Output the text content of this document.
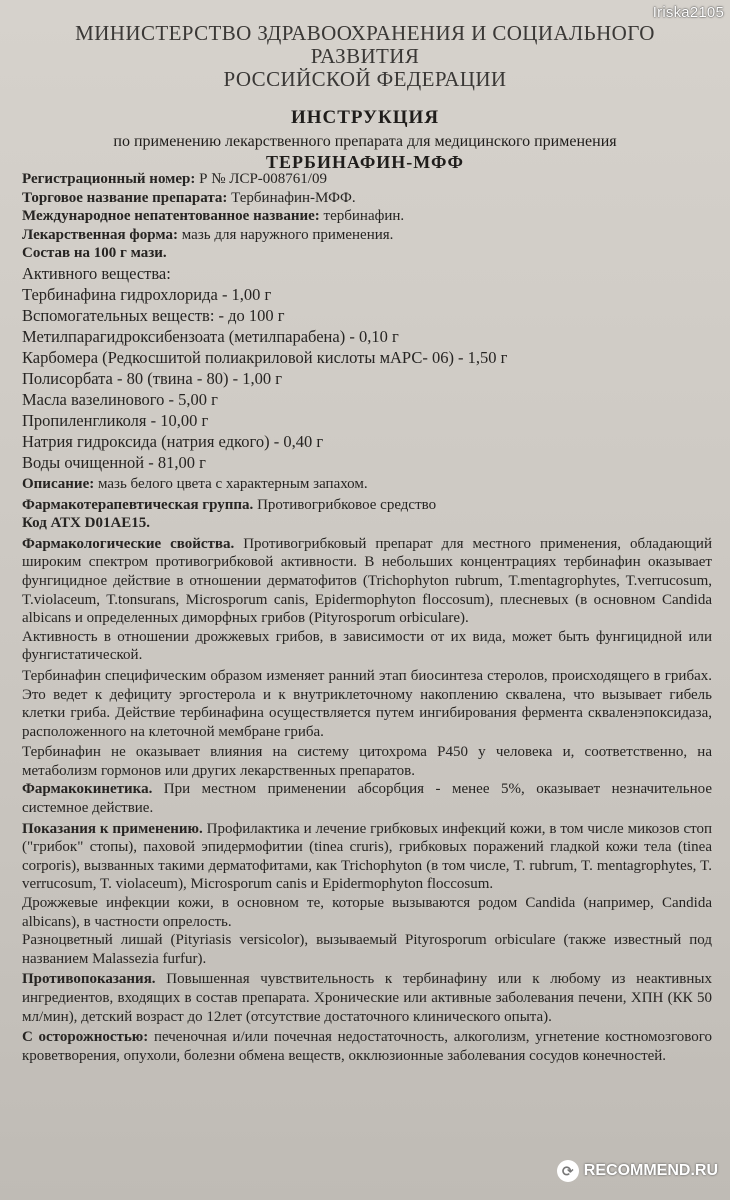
Iriska2105
МИНИСТЕРСТВО ЗДРАВООХРАНЕНИЯ И СОЦИАЛЬНОГО РАЗВИТИЯ
РОССИЙСКОЙ ФЕДЕРАЦИИ
ИНСТРУКЦИЯ
по применению лекарственного препарата для медицинского применения
ТЕРБИНАФИН-МФФ

Регистрационный номер: Р № ЛСР-008761/09

Торговое название препарата: Тербинафин-МФФ.

Международное непатентованное название: тербинафин.

Лекарственная форма: мазь для наружного применения.

Состав на 100 г мази.

Активного вещества:

Тербинафина гидрохлорида - 1,00 г

Вспомогательных веществ: - до 100 г

Метилпарагидроксибензоата (метилпарабена) - 0,10 г

Карбомера (Редкосшитой полиакриловой кислоты мАРС- 06) - 1,50 г

Полисорбата - 80 (твина - 80) - 1,00 г

Масла вазелинового - 5,00 г

Пропиленгликоля - 10,00 г

Натрия гидроксида (натрия едкого) - 0,40 г

Воды очищенной - 81,00 г

Описание: мазь белого цвета с характерным запахом.

Фармакотерапевтическая группа. Противогрибковое средство

Код АТХ D01AE15.

Фармакологические свойства. Противогрибковый препарат для местного применения, обладающий широким спектром противогрибковой активности. В небольших концентрациях тербинафин оказывает фунгицидное действие в отношении дерматофитов (Trichophyton rubrum, T.mentagrophytes, T.verrucosum, T.violaceum, T.tonsurans, Microsporum canis, Epidermophyton floccosum), плесневых (в основном Candida albicans и определенных диморфных грибов (Pityrosporum orbiculare).

Активность в отношении дрожжевых грибов, в зависимости от их вида, может быть фунгицидной или фунгистатической.

Тербинафин специфическим образом изменяет ранний этап биосинтеза стеролов, происходящего в грибах. Это ведет к дефициту эргостерола и к внутриклеточному накоплению сквалена, что вызывает гибель клетки гриба. Действие тербинафина осуществляется путем ингибирования фермента скваленэпоксидаза, расположенного на клеточной мембране гриба.

Тербинафин не оказывает влияния на систему цитохрома Р450 у человека и, соответственно, на метаболизм гормонов или других лекарственных препаратов.

Фармакокинетика. При местном применении абсорбция - менее 5%, оказывает незначительное системное действие.

Показания к применению. Профилактика и лечение грибковых инфекций кожи, в том числе микозов стоп ("грибок" стопы), паховой эпидермофитии (tinea cruris), грибковых поражений гладкой кожи тела (tinea corporis), вызванных такими дерматофитами, как Trichophyton (в том числе, T. rubrum, T. mentagrophytes, T. verrucosum, T. violaceum), Microsporum canis и Epidermophyton floccosum.

Дрожжевые инфекции кожи, в основном те, которые вызываются родом Candida (например, Candida albicans), в частности опрелость.

Разноцветный лишай (Pityriasis versicolor), вызываемый Pityrosporum orbiculare (также известный под названием Malassezia furfur).

Противопоказания. Повышенная чувствительность к тербинафину или к любому из неактивных ингредиентов, входящих в состав препарата. Хронические или активные заболевания печени, ХПН (КК 50 мл/мин), детский возраст до 12лет (отсутствие достаточного клинического опыта).

С осторожностью: печеночная и/или почечная недостаточность, алкоголизм, угнетение костномозгового кроветворения, опухоли, болезни обмена веществ, окклюзионные заболевания сосудов конечностей.

⟳ RECOMMEND.RU
